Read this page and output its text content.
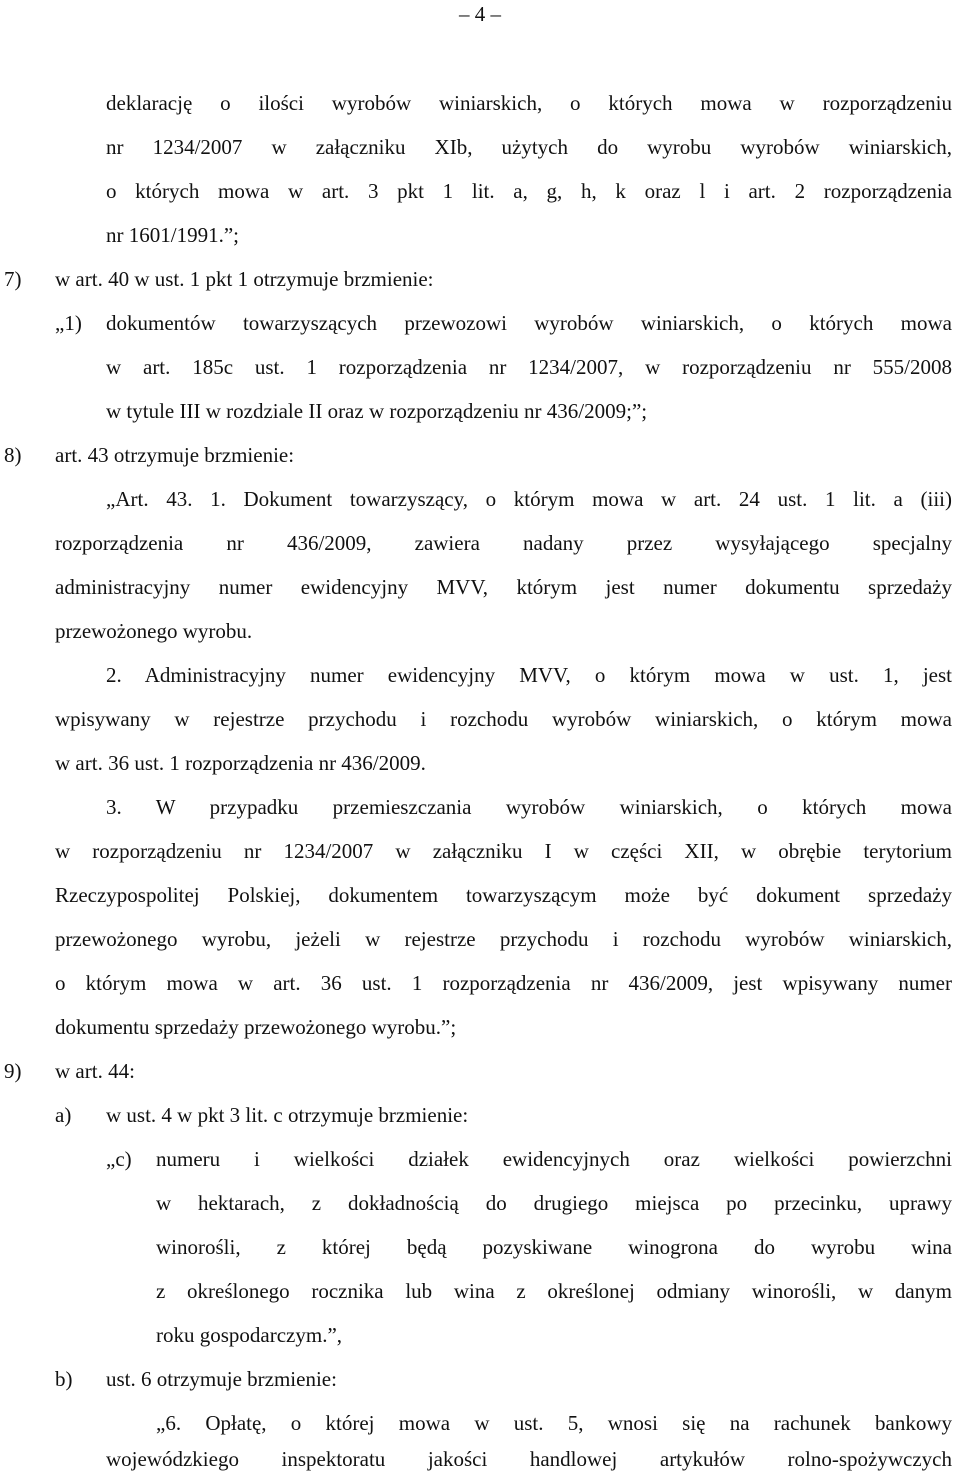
– 4 –
deklarację o ilości wyrobów winiarskich, o których mowa w rozporządzeniu
nr 1234/2007 w załączniku XIb, użytych do wyrobu wyrobów winiarskich,
o których mowa w art. 3 pkt 1 lit. a, g, h, k oraz l i art. 2 rozporządzenia
nr 1601/1991.”;
7) w art. 40 w ust. 1 pkt 1 otrzymuje brzmienie:
„1) dokumentów towarzyszących przewozowi wyrobów winiarskich, o których mowa
w art. 185c ust. 1 rozporządzenia nr 1234/2007, w rozporządzeniu nr 555/2008
w tytule III w rozdziale II oraz w rozporządzeniu nr 436/2009;”;
8) art. 43 otrzymuje brzmienie:
„Art. 43. 1. Dokument towarzyszący, o którym mowa w art. 24 ust. 1 lit. a (iii)
rozporządzenia nr 436/2009, zawiera nadany przez wysyłającego specjalny
administracyjny numer ewidencyjny MVV, którym jest numer dokumentu sprzedaży
przewożonego wyrobu.
2. Administracyjny numer ewidencyjny MVV, o którym mowa w ust. 1, jest
wpisywany w rejestrze przychodu i rozchodu wyrobów winiarskich, o którym mowa
w art. 36 ust. 1 rozporządzenia nr 436/2009.
3. W przypadku przemieszczania wyrobów winiarskich, o których mowa
w rozporządzeniu nr 1234/2007 w załączniku I w części XII, w obrębie terytorium
Rzeczypospolitej Polskiej, dokumentem towarzyszącym może być dokument sprzedaży
przewożonego wyrobu, jeżeli w rejestrze przychodu i rozchodu wyrobów winiarskich,
o którym mowa w art. 36 ust. 1 rozporządzenia nr 436/2009, jest wpisywany numer
dokumentu sprzedaży przewożonego wyrobu.”;
9) w art. 44:
a) w ust. 4 w pkt 3 lit. c otrzymuje brzmienie:
„c) numeru i wielkości działek ewidencyjnych oraz wielkości powierzchni
w hektarach, z dokładnością do drugiego miejsca po przecinku, uprawy
winorośli, z której będą pozyskiwane winogrona do wyrobu wina
z określonego rocznika lub wina z określonej odmiany winorośli, w danym
roku gospodarczym.”,
b) ust. 6 otrzymuje brzmienie:
„6. Opłatę, o której mowa w ust. 5, wnosi się na rachunek bankowy
wojewódzkiego inspektoratu jakości handlowej artykułów rolno-spożywczych
